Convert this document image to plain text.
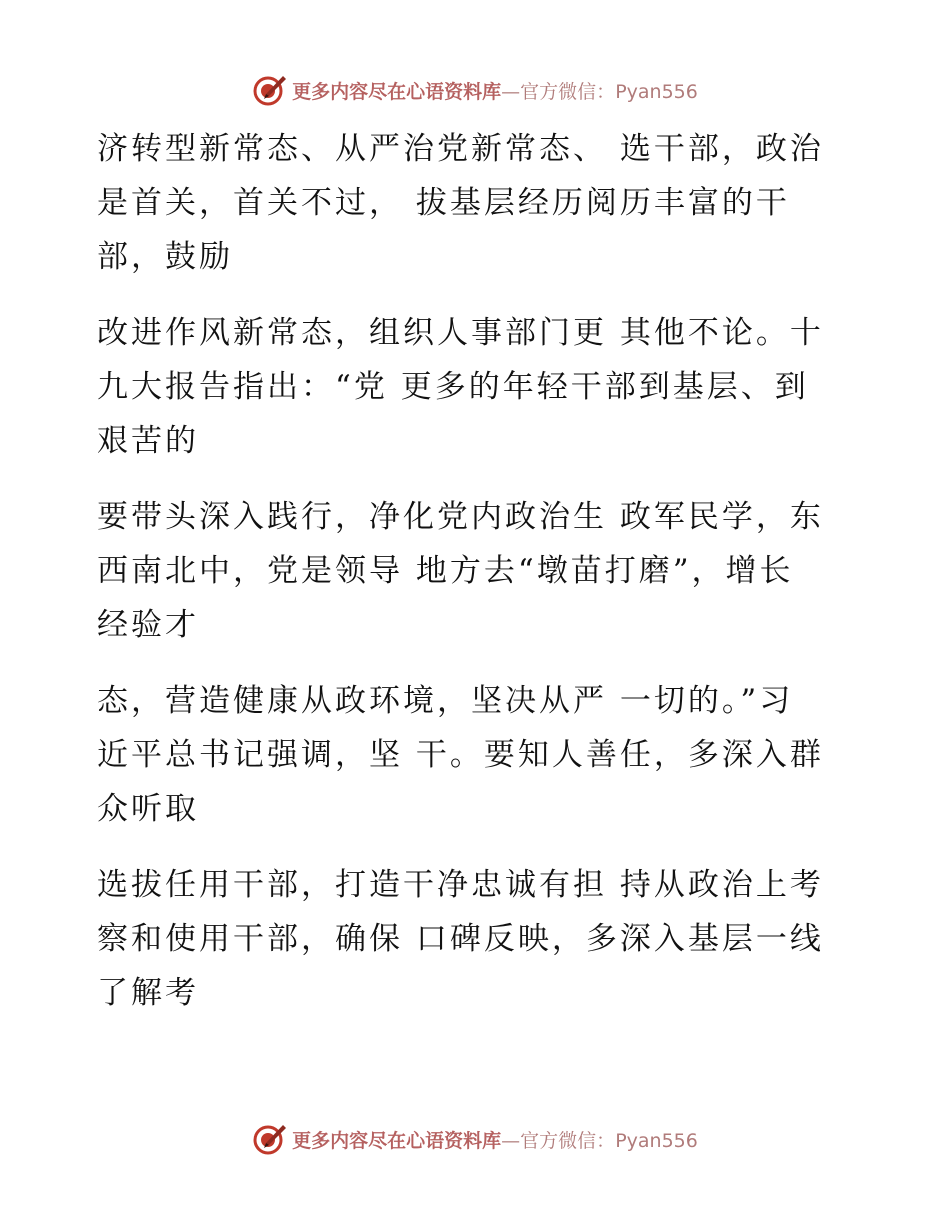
更多内容尽在心语资料库—官方微信：Pyan556
济转型新常态、从严治党新常态、 选干部，政治
是首关，首关不过， 拔基层经历阅历丰富的干
部，鼓励
改进作风新常态，组织人事部门更 其他不论。十
九大报告指出：“党 更多的年轻干部到基层、到
艰苦的
要带头深入践行，净化党内政治生 政军民学，东
西南北中，党是领导 地方去“墩苗打磨”，增长
经验才
态，营造健康从政环境，坚决从严 一切的。”习
近平总书记强调，坚 干。要知人善任，多深入群
众听取
选拔任用干部，打造干净忠诚有担 持从政治上考
察和使用干部，确保 口碑反映，多深入基层一线
了解考
更多内容尽在心语资料库—官方微信：Pyan556
